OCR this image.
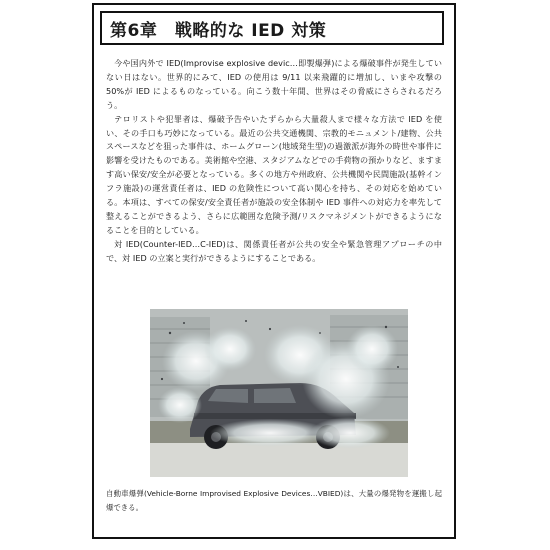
第6章　戦略的な IED 対策

今や国内外で IED(Improvise explosive devic…即製爆弾)による爆破事件が発生していない日はない。世界的にみて、IED の使用は 9/11 以来飛躍的に増加し、いまや攻撃の 50%が IED によるものなっている。向こう数十年間、世界はその脅威にさらされるだろう。

テロリストや犯罪者は、爆破予告やいたずらから大量殺人まで様々な方法で IED を使い、その手口も巧妙になっている。最近の公共交通機関、宗教的モニュメント/建物、公共スペースなどを狙った事件は、ホームグローン(地域発生型)の過激派が海外の時世や事件に影響を受けたものである。美術館や空港、スタジアムなどでの手荷物の預かりなど、ますます高い保安/安全が必要となっている。多くの地方や州政府、公共機関や民間施設(基幹インフラ施設)の運営責任者は、IED の危険性について高い関心を持ち、その対応を始めている。本項は、すべての保安/安全責任者が施設の安全体制や IED 事件への対応力を率先して整えることができるよう、さらに広範囲な危険予測/リスクマネジメントができるようになることを目的としている。

対 IED(Counter-IED…C-IED)は、関係責任者が公共の安全や緊急管理アプローチの中で、対 IED の立案と実行ができるようにすることである。

自動車爆弾(Vehicle-Borne Improvised Explosive Devices…VBIED)は、大量の爆発物を運搬し起爆できる。
